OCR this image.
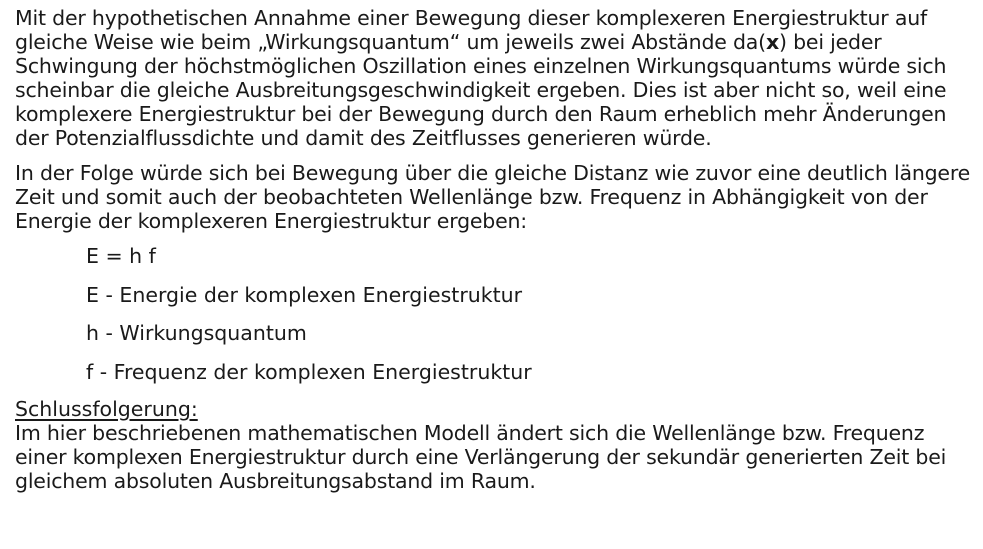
Mit der hypothetischen Annahme einer Bewegung dieser komplexeren Energiestruktur auf gleiche Weise wie beim „Wirkungsquantum“ um jeweils zwei Abstände da(x) bei jeder Schwingung der höchstmöglichen Oszillation eines einzelnen Wirkungsquantums würde sich scheinbar die gleiche Ausbreitungsgeschwindigkeit ergeben. Dies ist aber nicht so, weil eine komplexere Energiestruktur bei der Bewegung durch den Raum erheblich mehr Änderungen der Potenzialflussdichte und damit des Zeitflusses generieren würde.

In der Folge würde sich bei Bewegung über die gleiche Distanz wie zuvor eine deutlich längere Zeit und somit auch der beobachteten Wellenlänge bzw. Frequenz in Abhängigkeit von der Energie der komplexeren Energiestruktur ergeben:

E = h f
E - Energie der komplexen Energiestruktur
h - Wirkungsquantum
f - Frequenz der komplexen Energiestruktur

Schlussfolgerung:

Im hier beschriebenen mathematischen Modell ändert sich die Wellenlänge bzw. Frequenz einer komplexen Energiestruktur durch eine Verlängerung der sekundär generierten Zeit bei gleichem absoluten Ausbreitungsabstand im Raum.
